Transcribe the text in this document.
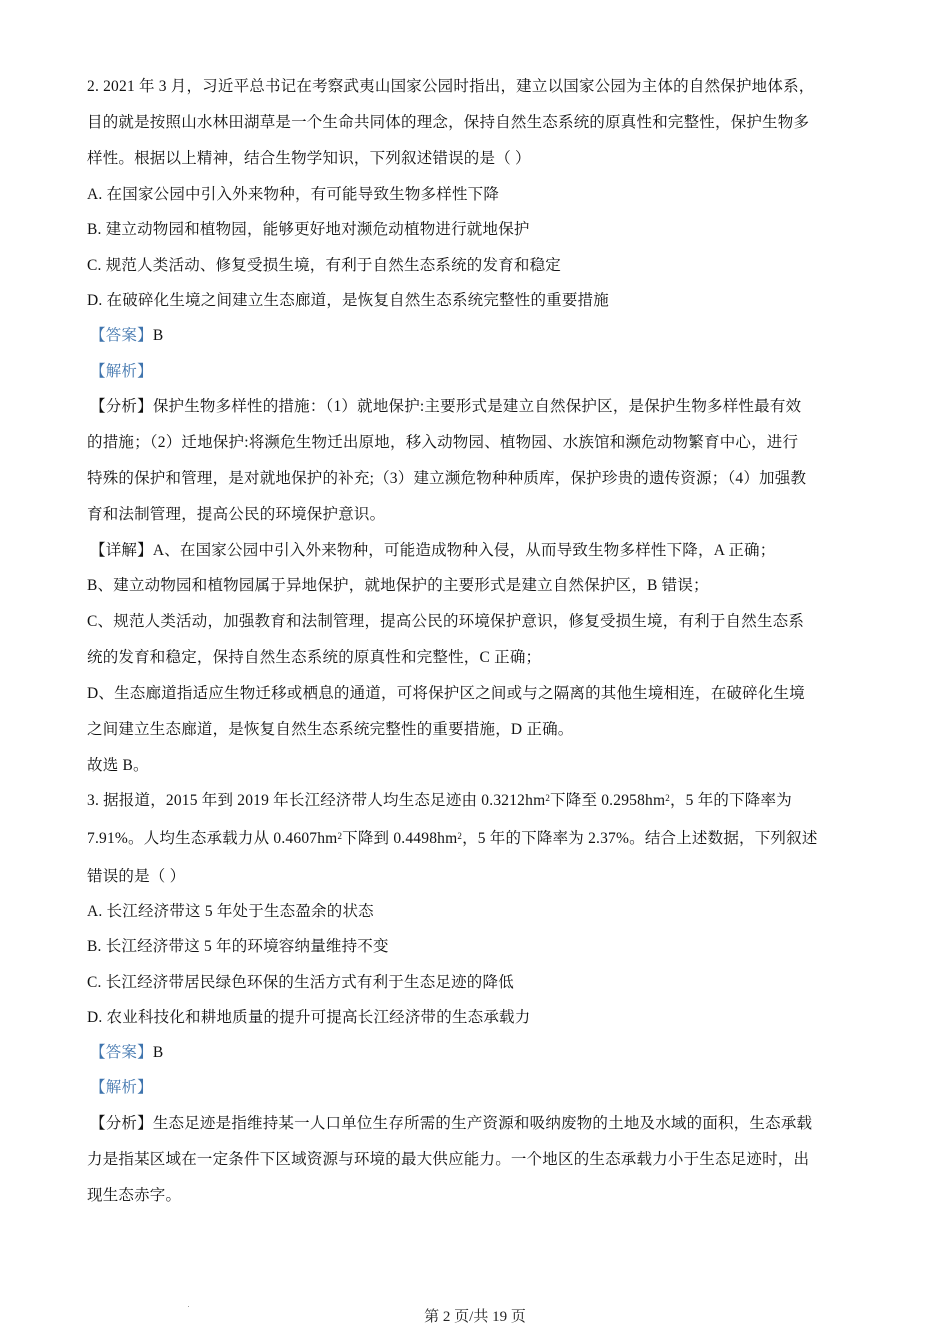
2. 2021 年 3 月，习近平总书记在考察武夷山国家公园时指出，建立以国家公园为主体的自然保护地体系，
目的就是按照山水林田湖草是一个生命共同体的理念，保持自然生态系统的原真性和完整性，保护生物多
样性。根据以上精神，结合生物学知识，下列叙述错误的是（ ）
A. 在国家公园中引入外来物种，有可能导致生物多样性下降
B. 建立动物园和植物园，能够更好地对濒危动植物进行就地保护
C. 规范人类活动、修复受损生境，有利于自然生态系统的发育和稳定
D. 在破碎化生境之间建立生态廊道，是恢复自然生态系统完整性的重要措施
【答案】B
【解析】
【分析】保护生物多样性的措施：（1）就地保护:主要形式是建立自然保护区，是保护生物多样性最有效
的措施；（2）迁地保护:将濒危生物迁出原地，移入动物园、植物园、水族馆和濒危动物繁育中心，进行
特殊的保护和管理，是对就地保护的补充;（3）建立濒危物种种质库，保护珍贵的遗传资源；（4）加强教
育和法制管理，提高公民的环境保护意识。
【详解】A、在国家公园中引入外来物种，可能造成物种入侵，从而导致生物多样性下降，A 正确；
B、建立动物园和植物园属于异地保护，就地保护的主要形式是建立自然保护区，B 错误；
C、规范人类活动，加强教育和法制管理，提高公民的环境保护意识，修复受损生境，有利于自然生态系
统的发育和稳定，保持自然生态系统的原真性和完整性，C 正确；
D、生态廊道指适应生物迁移或栖息的通道，可将保护区之间或与之隔离的其他生境相连，在破碎化生境
之间建立生态廊道，是恢复自然生态系统完整性的重要措施，D 正确。
故选 B。
3. 据报道，2015 年到 2019 年长江经济带人均生态足迹由 $0.3212hm^2$下降至 $0.2958hm^2$，5 年的下降率为
7.91%。人均生态承载力从 $0.4607hm^2$下降到 $0.4498hm^2$，5 年的下降率为 2.37%。结合上述数据，下列叙述
错误的是（ ）
A. 长江经济带这 5 年处于生态盈余的状态
B. 长江经济带这 5 年的环境容纳量维持不变
C. 长江经济带居民绿色环保的生活方式有利于生态足迹的降低
D. 农业科技化和耕地质量的提升可提高长江经济带的生态承载力
【答案】B
【解析】
【分析】生态足迹是指维持某一人口单位生存所需的生产资源和吸纳废物的土地及水域的面积，生态承载
力是指某区域在一定条件下区域资源与环境的最大供应能力。一个地区的生态承载力小于生态足迹时，出
现生态赤字。
第 2 页/共 19 页
